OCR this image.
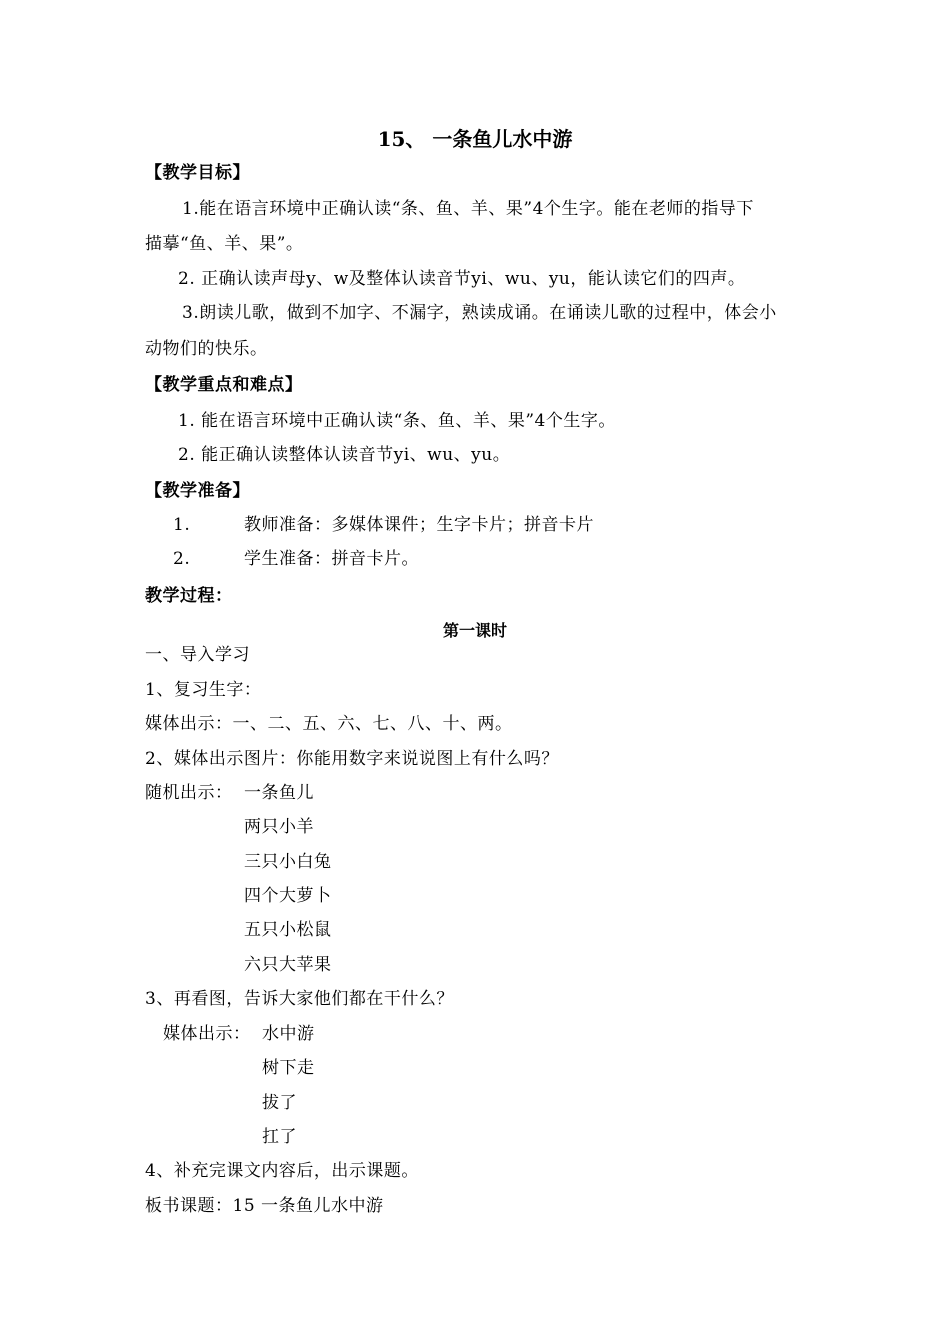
15、 一条鱼儿水中游
【教学目标】
1.能在语言环境中正确认读“条、鱼、羊、果”4个生字。能在老师的指导下
描摹“鱼、羊、果”。
2. 正确认读声母y、w及整体认读音节yi、wu、yu，能认读它们的四声。
3.朗读儿歌，做到不加字、不漏字，熟读成诵。在诵读儿歌的过程中，体会小
动物们的快乐。
【教学重点和难点】
1. 能在语言环境中正确认读“条、鱼、羊、果”4个生字。
2. 能正确认读整体认读音节yi、wu、yu。
【教学准备】
1.	教师准备：多媒体课件；生字卡片；拼音卡片
2.	学生准备：拼音卡片。
教学过程：
第一课时
一、导入学习
1、复习生字：
媒体出示：一、二、五、六、七、八、十、两。
2、媒体出示图片：你能用数字来说说图上有什么吗？
随机出示： 一条鱼儿
两只小羊
三只小白兔
四个大萝卜
五只小松鼠
六只大苹果
3、再看图，告诉大家他们都在干什么？
媒体出示： 水中游
树下走
拔了
扛了
4、补充完课文内容后，出示课题。
板书课题：15 一条鱼儿水中游
